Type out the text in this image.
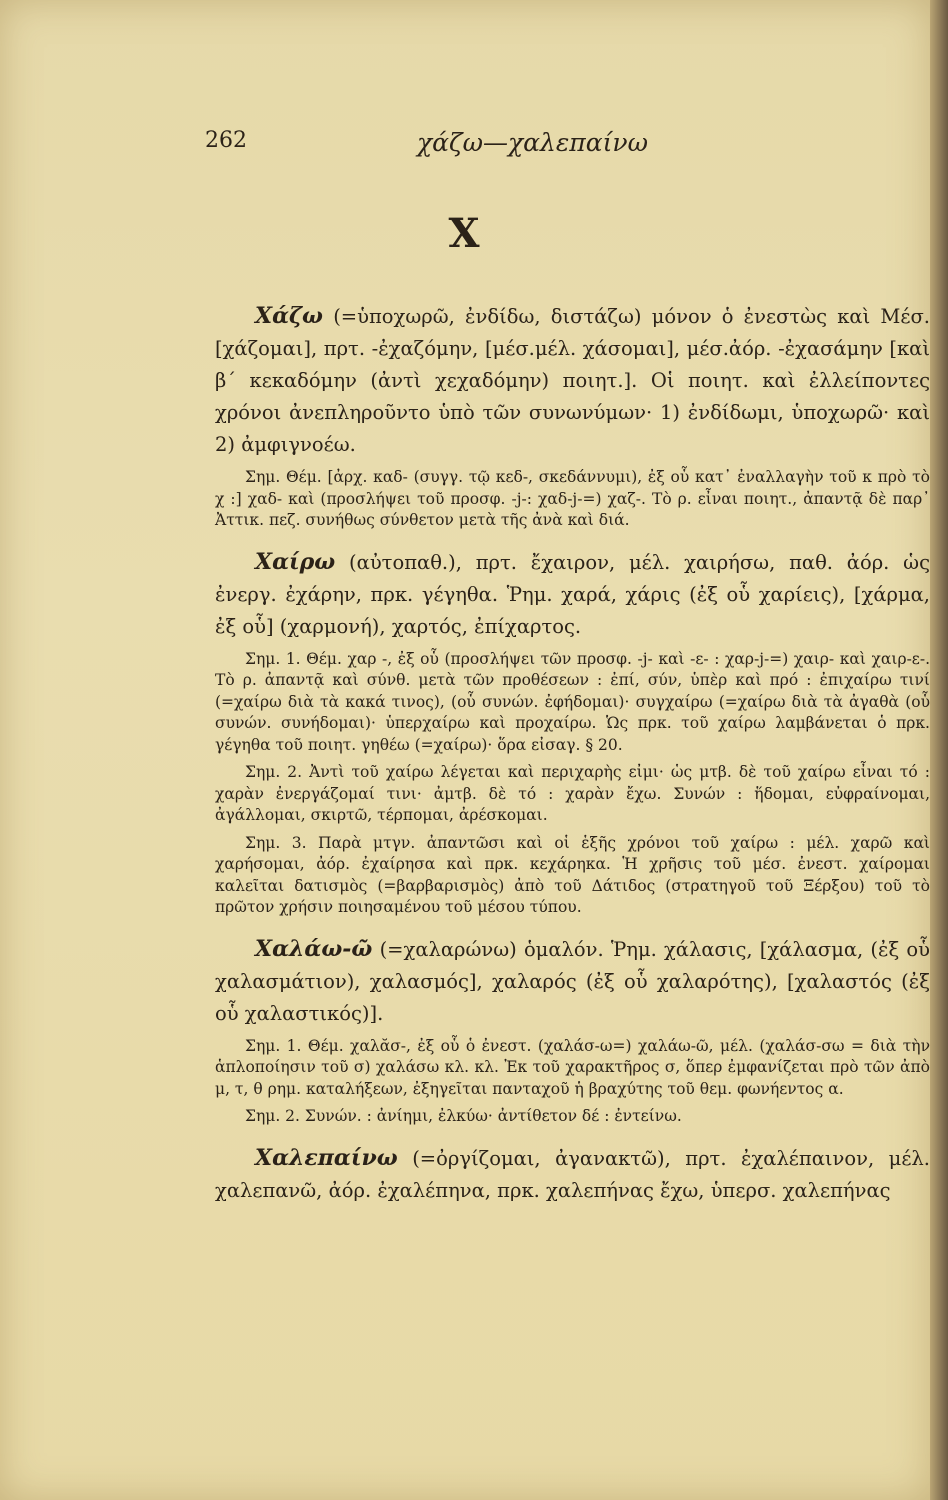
262	χάζω—χαλεπαίνω
Χ

Χάζω (=ὑποχωρῶ, ἐνδίδω, διστάζω) μόνον ὁ ἐνεστὼς καὶ Μέσ. [χάζομαι], πρτ. -ἐχαζόμην, [μέσ.μέλ. χάσομαι], μέσ.ἀόρ. -ἐχασάμην [καὶ β΄ κεκαδόμην (ἀντὶ χεχαδόμην) ποιητ.]. Οἱ ποιητ. καὶ ἐλλείποντες χρόνοι ἀνεπληροῦντο ὑπὸ τῶν συνωνύμων· 1) ἐνδίδωμι, ὑποχωρῶ· καὶ 2) ἀμφιγνοέω.

Σημ. Θέμ. [ἀρχ. καδ- (συγγ. τῷ κεδ-, σκεδάννυμι), ἐξ οὗ κατ᾽ ἐναλλαγὴν τοῦ κ πρὸ τὸ χ :] χαδ- καὶ (προσλήψει τοῦ προσφ. -j-: χαδ-j-=) χαζ-. Τὸ ρ. εἶναι ποιητ., ἀπαντᾷ δὲ παρ᾽ Ἀττικ. πεζ. συνήθως σύνθετον μετὰ τῆς ἀνὰ καὶ διά.

Χαίρω (αὐτοπαθ.), πρτ. ἔχαιρον, μέλ. χαιρήσω, παθ. ἀόρ. ὡς ἐνεργ. ἐχάρην, πρκ. γέγηθα. Ῥημ. χαρά, χάρις (ἐξ οὗ χαρίεις), [χάρμα, ἐξ οὗ] (χαρμονή), χαρτός, ἐπίχαρτος.

Σημ. 1. Θέμ. χαρ -, ἐξ οὗ (προσλήψει τῶν προσφ. -j- καὶ -ε- : χαρ-j-=) χαιρ- καὶ χαιρ-ε-. Τὸ ρ. ἀπαντᾷ καὶ σύνθ. μετὰ τῶν προθέσεων : ἐπί, σύν, ὑπὲρ καὶ πρό : ἐπιχαίρω τινί (=χαίρω διὰ τὰ κακά τινος), (οὗ συνών. ἐφήδομαι)· συγχαίρω (=χαίρω διὰ τὰ ἀγαθὰ (οὗ συνών. συνήδομαι)· ὑπερχαίρω καὶ προχαίρω. Ὡς πρκ. τοῦ χαίρω λαμβάνεται ὁ πρκ. γέγηθα τοῦ ποιητ. γηθέω (=χαίρω)· ὅρα εἰσαγ. § 20.

Σημ. 2. Ἀντὶ τοῦ χαίρω λέγεται καὶ περιχαρὴς εἰμι· ὡς μτβ. δὲ τοῦ χαίρω εἶναι τό : χαρὰν ἐνεργάζομαί τινι· ἀμτβ. δὲ τό : χαρὰν ἔχω. Συνών : ἥδομαι, εὐφραίνομαι, ἀγάλλομαι, σκιρτῶ, τέρπομαι, ἀρέσκομαι.

Σημ. 3. Παρὰ μτγν. ἀπαντῶσι καὶ οἱ ἑξῆς χρόνοι τοῦ χαίρω : μέλ. χαρῶ καὶ χαρήσομαι, ἀόρ. ἐχαίρησα καὶ πρκ. κεχάρηκα. Ἡ χρῆσις τοῦ μέσ. ἐνεστ. χαίρομαι καλεῖται δατισμὸς (=βαρβαρισμὸς) ἀπὸ τοῦ Δάτιδος (στρατηγοῦ τοῦ Ξέρξου) τοῦ τὸ πρῶτον χρήσιν ποιησαμένου τοῦ μέσου τύπου.

Χαλάω-ῶ (=χαλαρώνω) ὁμαλόν. Ῥημ. χάλασις, [χάλασμα, (ἐξ οὗ χαλασμάτιον), χαλασμός], χαλαρός (ἐξ οὗ χαλαρότης), [χαλαστός (ἐξ οὗ χαλαστικός)].

Σημ. 1. Θέμ. χαλᾰσ-, ἐξ οὗ ὁ ἐνεστ. (χαλάσ-ω=) χαλάω-ῶ, μέλ. (χαλάσ-σω = διὰ τὴν ἁπλοποίησιν τοῦ σ) χαλάσω κλ. κλ. Ἐκ τοῦ χαρακτῆρος σ, ὅπερ ἐμφανίζεται πρὸ τῶν ἀπὸ μ, τ, θ ρημ. καταλήξεων, ἐξηγεῖται πανταχοῦ ἡ βραχύτης τοῦ θεμ. φωνήεντος α.

Σημ. 2. Συνών. : ἀνίημι, ἐλκύω· ἀντίθετον δέ : ἐντείνω.

Χαλεπαίνω (=ὀργίζομαι, ἀγανακτῶ), πρτ. ἐχαλέπαινον, μέλ. χαλεπανῶ, ἀόρ. ἐχαλέπηνα, πρκ. χαλεπήνας ἔχω, ὑπερσ. χαλεπήνας
